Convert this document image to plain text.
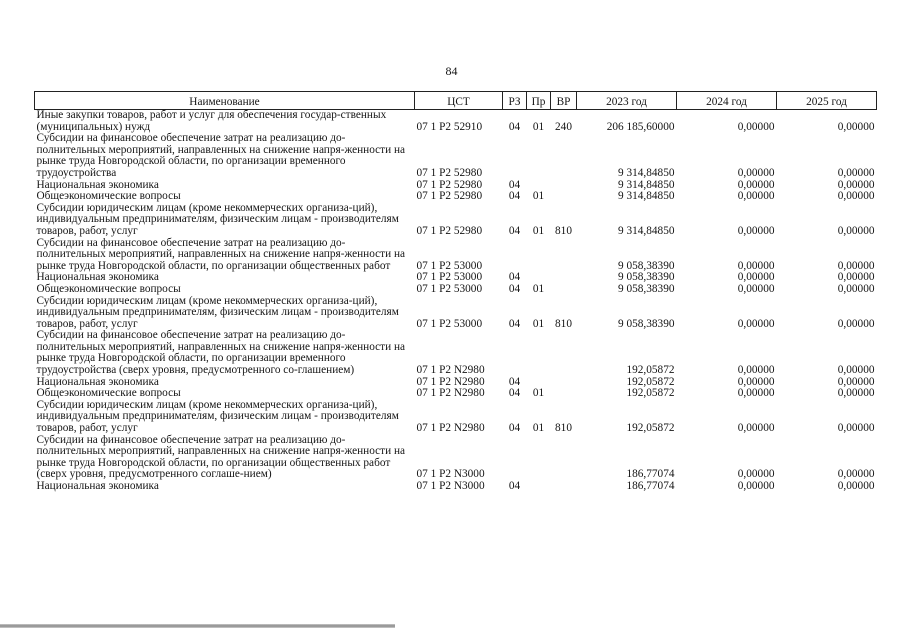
84
Наименование	ЦСТ	РЗ	Пр	ВР	2023 год	2024 год	2025 год
Иные закупки товаров, работ и услуг для обеспечения государ-ственных (муниципальных) нужд	07 1 P2 52910	04	01	240	206 185,60000	0,00000	0,00000
Субсидии на финансовое обеспечение затрат на реализацию до-полнительных мероприятий, направленных на снижение напря-женности на рынке труда Новгородской области, по организации временного трудоустройства	07 1 P2 52980				9 314,84850	0,00000	0,00000
Национальная экономика	07 1 P2 52980	04			9 314,84850	0,00000	0,00000
Общеэкономические вопросы	07 1 P2 52980	04	01		9 314,84850	0,00000	0,00000
Субсидии юридическим лицам (кроме некоммерческих организа-ций), индивидуальным предпринимателям, физическим лицам - производителям товаров, работ, услуг	07 1 P2 52980	04	01	810	9 314,84850	0,00000	0,00000
Субсидии на финансовое обеспечение затрат на реализацию до-полнительных мероприятий, направленных на снижение напря-женности на рынке труда Новгородской области, по организации общественных работ	07 1 P2 53000				9 058,38390	0,00000	0,00000
Национальная экономика	07 1 P2 53000	04			9 058,38390	0,00000	0,00000
Общеэкономические вопросы	07 1 P2 53000	04	01		9 058,38390	0,00000	0,00000
Субсидии юридическим лицам (кроме некоммерческих организа-ций), индивидуальным предпринимателям, физическим лицам - производителям товаров, работ, услуг	07 1 P2 53000	04	01	810	9 058,38390	0,00000	0,00000
Субсидии на финансовое обеспечение затрат на реализацию до-полнительных мероприятий, направленных на снижение напря-женности на рынке труда Новгородской области, по организации временного трудоустройства (сверх уровня, предусмотренного со-глашением)	07 1 P2 N2980				192,05872	0,00000	0,00000
Национальная экономика	07 1 P2 N2980	04			192,05872	0,00000	0,00000
Общеэкономические вопросы	07 1 P2 N2980	04	01		192,05872	0,00000	0,00000
Субсидии юридическим лицам (кроме некоммерческих организа-ций), индивидуальным предпринимателям, физическим лицам - производителям товаров, работ, услуг	07 1 P2 N2980	04	01	810	192,05872	0,00000	0,00000
Субсидии на финансовое обеспечение затрат на реализацию до-полнительных мероприятий, направленных на снижение напря-женности на рынке труда Новгородской области, по организации общественных работ (сверх уровня, предусмотренного соглаше-нием)	07 1 P2 N3000				186,77074	0,00000	0,00000
Национальная экономика	07 1 P2 N3000	04			186,77074	0,00000	0,00000
